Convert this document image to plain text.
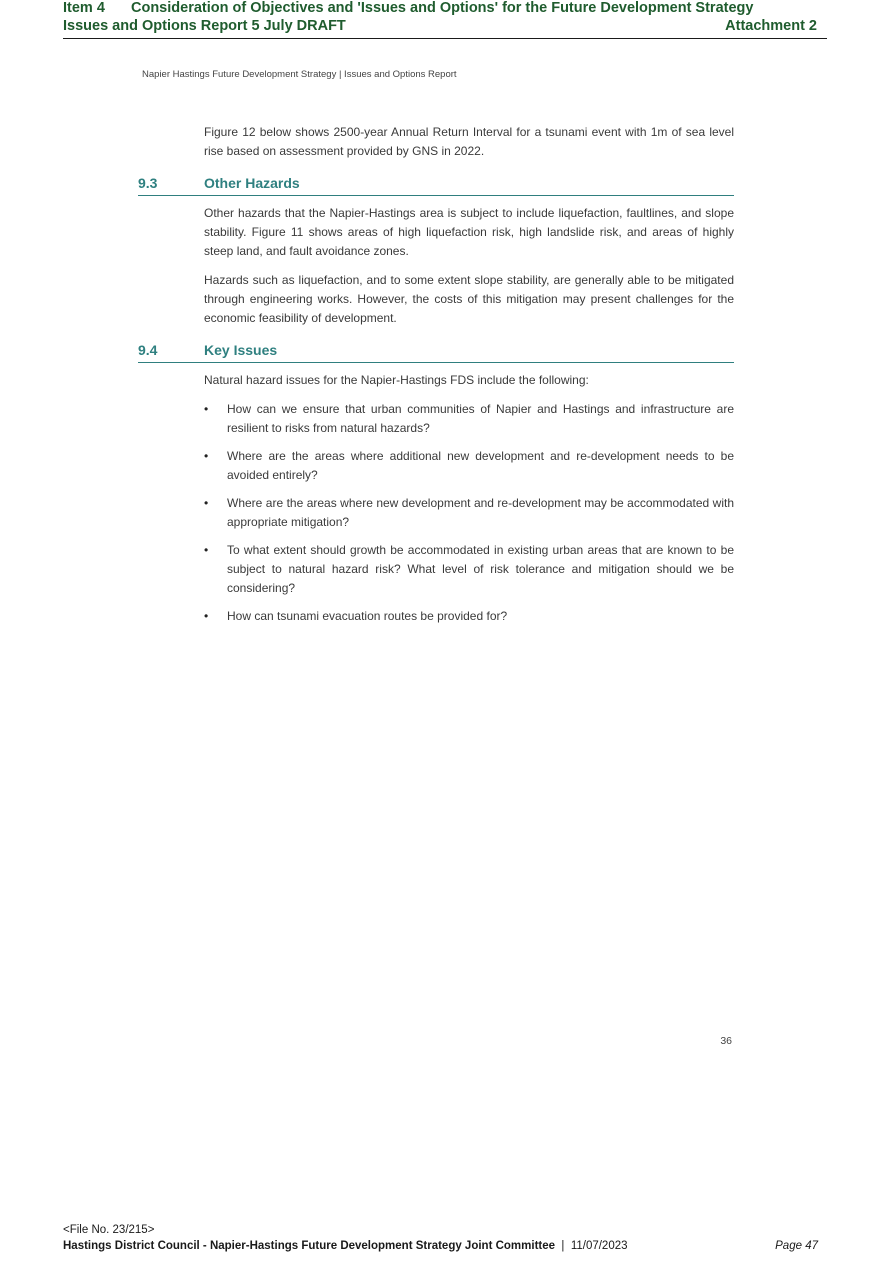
Item 4 Consideration of Objectives and 'Issues and Options' for the Future Development Strategy
Issues and Options Report 5 July DRAFT	Attachment 2
Napier Hastings Future Development Strategy | Issues and Options Report

Figure 12 below shows 2500-year Annual Return Interval for a tsunami event with 1m of sea level rise based on assessment provided by GNS in 2022.

9.3	Other Hazards

Other hazards that the Napier-Hastings area is subject to include liquefaction, faultlines, and slope stability. Figure 11 shows areas of high liquefaction risk, high landslide risk, and areas of highly steep land, and fault avoidance zones.

Hazards such as liquefaction, and to some extent slope stability, are generally able to be mitigated through engineering works. However, the costs of this mitigation may present challenges for the economic feasibility of development.

9.4	Key Issues

Natural hazard issues for the Napier-Hastings FDS include the following:

• How can we ensure that urban communities of Napier and Hastings and infrastructure are resilient to risks from natural hazards?
• Where are the areas where additional new development and re-development needs to be avoided entirely?
• Where are the areas where new development and re-development may be accommodated with appropriate mitigation?
• To what extent should growth be accommodated in existing urban areas that are known to be subject to natural hazard risk? What level of risk tolerance and mitigation should we be considering?
• How can tsunami evacuation routes be provided for?
36
<File No. 23/215>
Hastings District Council - Napier-Hastings Future Development Strategy Joint Committee | 11/07/2023	Page 47
